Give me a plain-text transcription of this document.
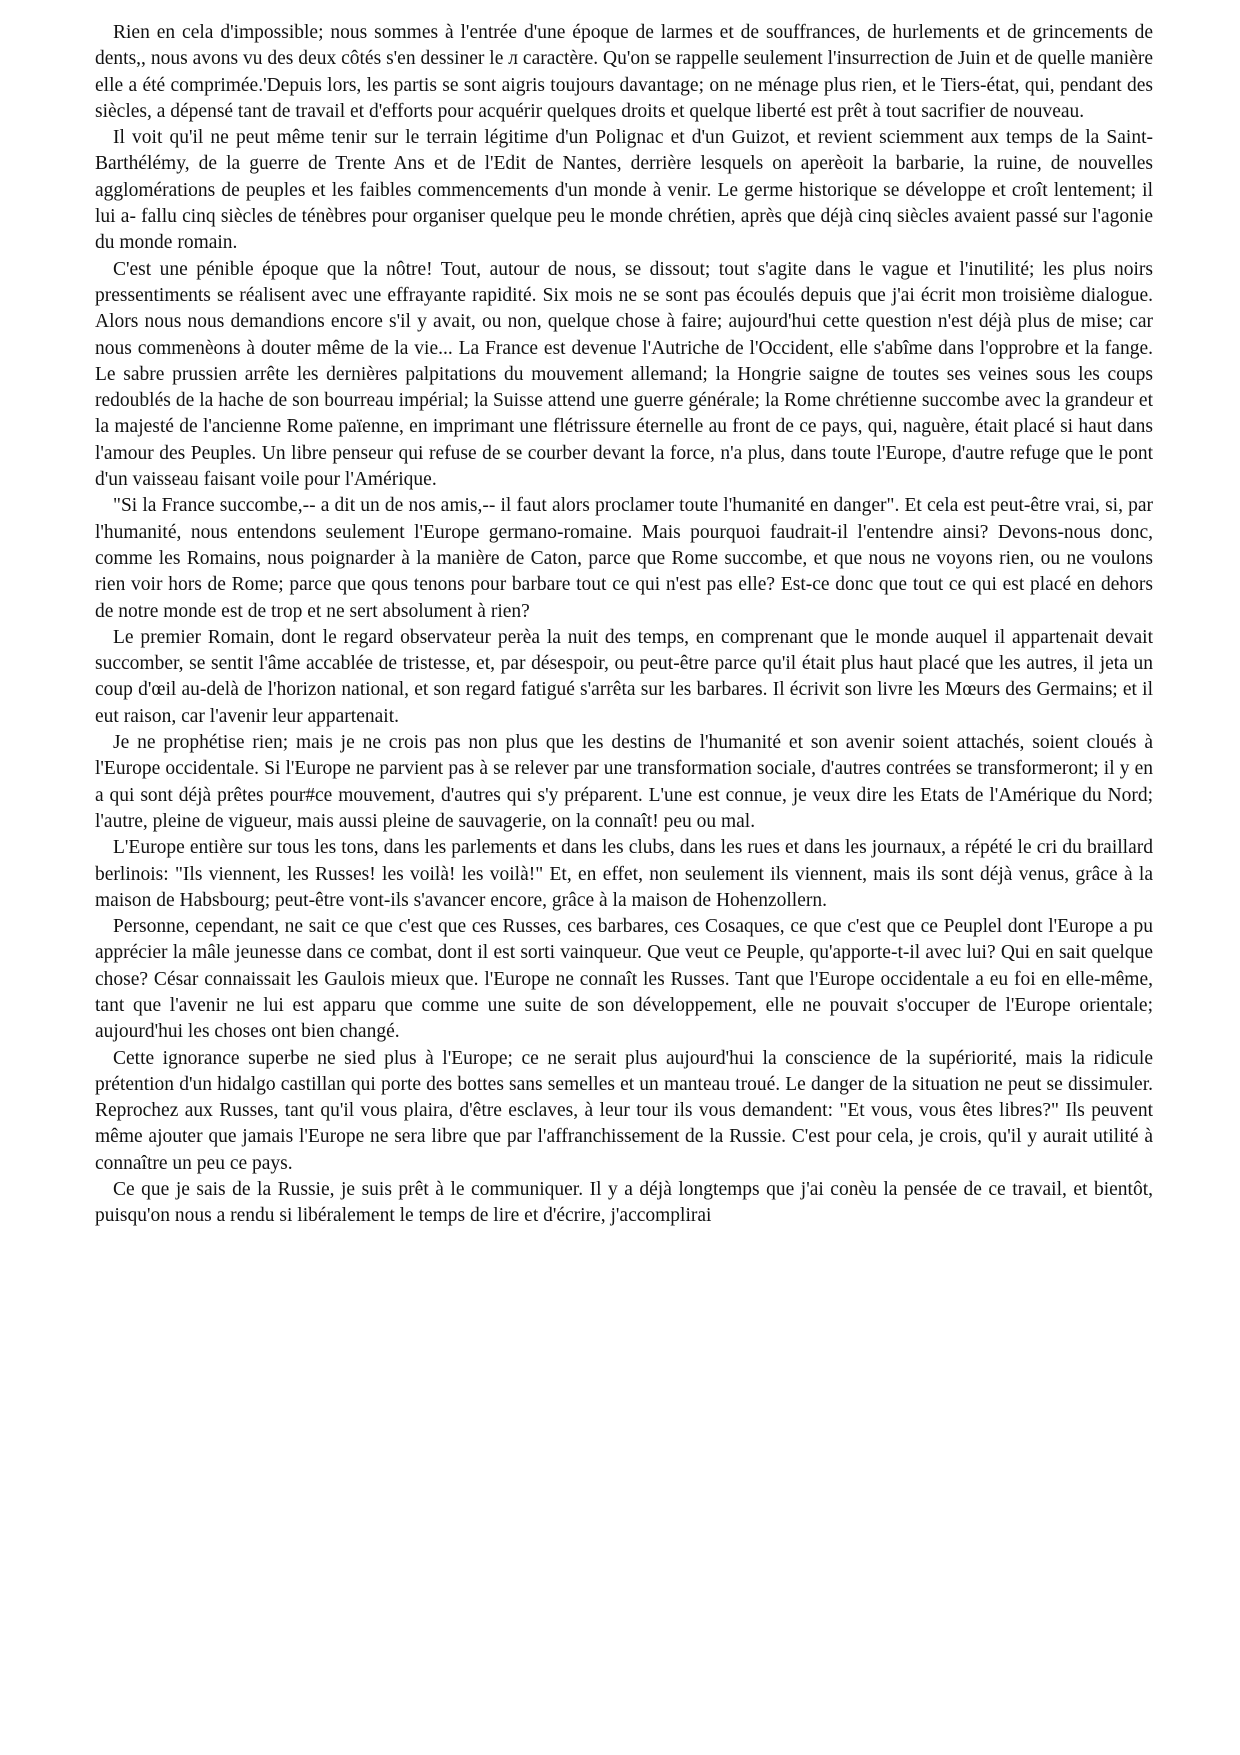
Rien en cela d'impossible; nous sommes à l'entrée d'une époque de larmes et de souffrances, de hurlements et de grincements de dents,, nous avons vu des deux côtés s'en dessiner le л caractère. Qu'on se rappelle seulement l'insurrection de Juin et de quelle manière elle a été comprimée.'Depuis lors, les partis se sont aigris toujours davantage; on ne ménage plus rien, et le Tiers-état, qui, pendant des siècles, a dépensé tant de travail et d'efforts pour acquérir quelques droits et quelque liberté est prêt à tout sacrifier de nouveau.

Il voit qu'il ne peut même tenir sur le terrain légitime d'un Polignac et d'un Guizot, et revient sciemment aux temps de la Saint-Barthélémy, de la guerre de Trente Ans et de l'Edit de Nantes, derrière lesquels on aperèoit la barbarie, la ruine, de nouvelles agglomérations de peuples et les faibles commencements d'un monde à venir. Le germe historique se développe et croît lentement; il lui a- fallu cinq siècles de ténèbres pour organiser quelque peu le monde chrétien, après que déjà cinq siècles avaient passé sur l'agonie du monde romain.

C'est une pénible époque que la nôtre! Tout, autour de nous, se dissout; tout s'agite dans le vague et l'inutilité; les plus noirs pressentiments se réalisent avec une effrayante rapidité. Six mois ne se sont pas écoulés depuis que j'ai écrit mon troisième dialogue. Alors nous nous demandions encore s'il y avait, ou non, quelque chose à faire; aujourd'hui cette question n'est déjà plus de mise; car nous commenèons à douter même de la vie... La France est devenue l'Autriche de l'Occident, elle s'abîme dans l'opprobre et la fange. Le sabre prussien arrête les dernières palpitations du mouvement allemand; la Hongrie saigne de toutes ses veines sous les coups redoublés de la hache de son bourreau impérial; la Suisse attend une guerre générale; la Rome chrétienne succombe avec la grandeur et la majesté de l'ancienne Rome païenne, en imprimant une flétrissure éternelle au front de ce pays, qui, naguère, était placé si haut dans l'amour des Peuples. Un libre penseur qui refuse de se courber devant la force, n'a plus, dans toute l'Europe, d'autre refuge que le pont d'un vaisseau faisant voile pour l'Amérique.

"Si la France succombe,-- a dit un de nos amis,-- il faut alors proclamer toute l'humanité en danger". Et cela est peut-être vrai, si, par l'humanité, nous entendons seulement l'Europe germano-romaine. Mais pourquoi faudrait-il l'entendre ainsi? Devons-nous donc, comme les Romains, nous poignarder à la manière de Caton, parce que Rome succombe, et que nous ne voyons rien, ou ne voulons rien voir hors de Rome; parce que qous tenons pour barbare tout ce qui n'est pas elle? Est-ce donc que tout ce qui est placé en dehors de notre monde est de trop et ne sert absolument à rien?

Le premier Romain, dont le regard observateur perèa la nuit des temps, en comprenant que le monde auquel il appartenait devait succomber, se sentit l'âme accablée de tristesse, et, par désespoir, ou peut-être parce qu'il était plus haut placé que les autres, il jeta un coup d'œil au-delà de l'horizon national, et son regard fatigué s'arrêta sur les barbares. Il écrivit son livre les Mœurs des Germains; et il eut raison, car l'avenir leur appartenait.

Je ne prophétise rien; mais je ne crois pas non plus que les destins de l'humanité et son avenir soient attachés, soient cloués à l'Europe occidentale. Si l'Europe ne parvient pas à se relever par une transformation sociale, d'autres contrées se transformeront; il y en a qui sont déjà prêtes pour#ce mouvement, d'autres qui s'y préparent. L'une est connue, je veux dire les Etats de l'Amérique du Nord; l'autre, pleine de vigueur, mais aussi pleine de sauvagerie, on la connaît! peu ou mal.

L'Europe entière sur tous les tons, dans les parlements et dans les clubs, dans les rues et dans les journaux, a répété le cri du braillard berlinois: "Ils viennent, les Russes! les voilà! les voilà!" Et, en effet, non seulement ils viennent, mais ils sont déjà venus, grâce à la maison de Habsbourg; peut-être vont-ils s'avancer encore, grâce à la maison de Hohenzollern.

Personne, cependant, ne sait ce que c'est que ces Russes, ces barbares, ces Cosaques, ce que c'est que ce Peuplel dont l'Europe a pu apprécier la mâle jeunesse dans ce combat, dont il est sorti vainqueur. Que veut ce Peuple, qu'apporte-t-il avec lui? Qui en sait quelque chose? César connaissait les Gaulois mieux que. l'Europe ne connaît les Russes. Tant que l'Europe occidentale a eu foi en elle-même, tant que l'avenir ne lui est apparu que comme une suite de son développement, elle ne pouvait s'occuper de l'Europe orientale; aujourd'hui les choses ont bien changé.

Cette ignorance superbe ne sied plus à l'Europe; ce ne serait plus aujourd'hui la conscience de la supériorité, mais la ridicule prétention d'un hidalgo castillan qui porte des bottes sans semelles et un manteau troué. Le danger de la situation ne peut se dissimuler. Reprochez aux Russes, tant qu'il vous plaira, d'être esclaves, à leur tour ils vous demandent: "Et vous, vous êtes libres?" Ils peuvent même ajouter que jamais l'Europe ne sera libre que par l'affranchissement de la Russie. C'est pour cela, je crois, qu'il y aurait utilité à connaître un peu ce pays.

Ce que je sais de la Russie, je suis prêt à le communiquer. Il y a déjà longtemps que j'ai conèu la pensée de ce travail, et bientôt, puisqu'on nous a rendu si libéralement le temps de lire et d'écrire, j'accomplirai
